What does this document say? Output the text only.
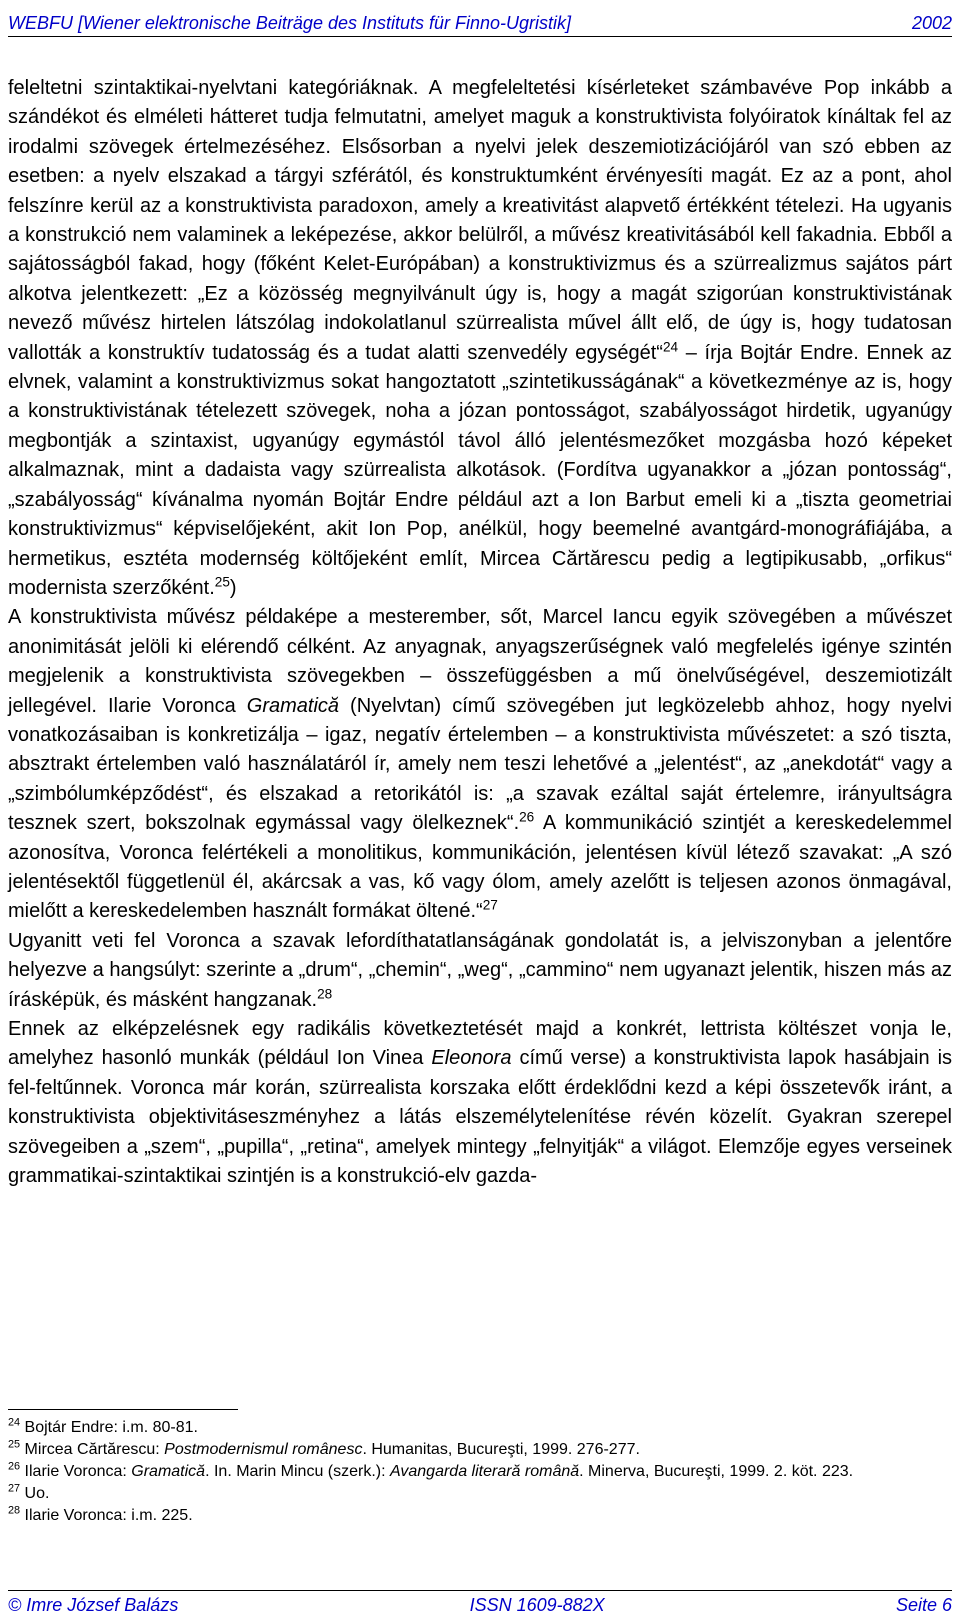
WEBFU [Wiener elektronische Beiträge des Instituts für Finno-Ugristik]	2002

feleltetni szintaktikai-nyelvtani kategóriáknak. A megfeleltetési kísérleteket számbavéve Pop inkább a szándékot és elméleti hátteret tudja felmutatni, amelyet maguk a konstruktivista folyóiratok kínáltak fel az irodalmi szövegek értelmezéséhez. Elsősorban a nyelvi jelek deszemiotizációjáról van szó ebben az esetben: a nyelv elszakad a tárgyi szférától, és konstruktumként érvényesíti magát. Ez az a pont, ahol felszínre kerül az a konstruktivista paradoxon, amely a kreativitást alapvető értékként tételezi. Ha ugyanis a konstrukció nem valaminek a leképezése, akkor belülről, a művész kreativitásából kell fakadnia. Ebből a sajátosságból fakad, hogy (főként Kelet-Európában) a konstruktivizmus és a szürrealizmus sajátos párt alkotva jelentkezett: „Ez a közösség megnyilvánult úgy is, hogy a magát szigorúan konstruktivistának nevező művész hirtelen látszólag indokolatlanul szürrealista művel állt elő, de úgy is, hogy tudatosan vallották a konstruktív tudatosság és a tudat alatti szenvedély egységét“$^{24}$ – írja Bojtár Endre. Ennek az elvnek, valamint a konstruktivizmus sokat hangoztatott „szintetikusságának“ a következménye az is, hogy a konstruktivistának tételezett szövegek, noha a józan pontosságot, szabályosságot hirdetik, ugyanúgy megbontják a szintaxist, ugyanúgy egymástól távol álló jelentésmezőket mozgásba hozó képeket alkalmaznak, mint a dadaista vagy szürrealista alkotások. (Fordítva ugyanakkor a „józan pontosság“, „szabályosság“ kívánalma nyomán Bojtár Endre például azt a Ion Barbut emeli ki a „tiszta geometriai konstruktivizmus“ képviselőjeként, akit Ion Pop, anélkül, hogy beemelné avantgárd-monográfiájába, a hermetikus, esztéta modernség költőjeként említ, Mircea Cărtărescu pedig a legtipikusabb, „orfikus“ modernista szerzőként.$^{25}$)

A konstruktivista művész példaképe a mesterember, sőt, Marcel Iancu egyik szövegében a művészet anonimitását jelöli ki elérendő célként. Az anyagnak, anyagszerűségnek való megfelelés igénye szintén megjelenik a konstruktivista szövegekben – összefüggésben a mű önelvűségével, deszemiotizált jellegével. Ilarie Voronca Gramatică (Nyelvtan) című szövegében jut legközelebb ahhoz, hogy nyelvi vonatkozásaiban is konkretizálja – igaz, negatív értelemben – a konstruktivista művészetet: a szó tiszta, absztrakt értelemben való használatáról ír, amely nem teszi lehetővé a „jelentést“, az „anekdotát“ vagy a „szimbólumképződést“, és elszakad a retorikától is: „a szavak ezáltal saját értelemre, irányultságra tesznek szert, bokszolnak egymással vagy ölelkeznek“.$^{26}$ A kommunikáció szintjét a kereskedelemmel azonosítva, Voronca felértékeli a monolitikus, kommunikáción, jelentésen kívül létező szavakat: „A szó jelentésektől függetlenül él, akárcsak a vas, kő vagy ólom, amely azelőtt is teljesen azonos önmagával, mielőtt a kereskedelemben használt formákat öltené.“$^{27}$

Ugyanitt veti fel Voronca a szavak lefordíthatatlanságának gondolatát is, a jelviszonyban a jelentőre helyezve a hangsúlyt: szerinte a „drum“, „chemin“, „weg“, „cammino“ nem ugyanazt jelentik, hiszen más az írásképük, és másként hangzanak.$^{28}$

Ennek az elképzelésnek egy radikális következtetését majd a konkrét, lettrista költészet vonja le, amelyhez hasonló munkák (például Ion Vinea Eleonora című verse) a konstruktivista lapok hasábjain is fel-feltűnnek. Voronca már korán, szürrealista korszaka előtt érdeklődni kezd a képi összetevők iránt, a konstruktivista objektivitáseszményhez a látás elszemélytelenítése révén közelít. Gyakran szerepel szövegeiben a „szem“, „pupilla“, „retina“, amelyek mintegy „felnyitják“ a világot. Elemzője egyes verseinek grammatikai-szintaktikai szintjén is a konstrukció-elv gazda-

$^{24}$ Bojtár Endre: i.m. 80-81.
$^{25}$ Mircea Cărtărescu: Postmodernismul românesc. Humanitas, Bucureşti, 1999. 276-277.
$^{26}$ Ilarie Voronca: Gramatică. In. Marin Mincu (szerk.): Avangarda literară română. Minerva, Bucureşti, 1999. 2. köt. 223.
$^{27}$ Uo.
$^{28}$ Ilarie Voronca: i.m. 225.
© Imre József Balázs	ISSN 1609-882X	Seite 6
